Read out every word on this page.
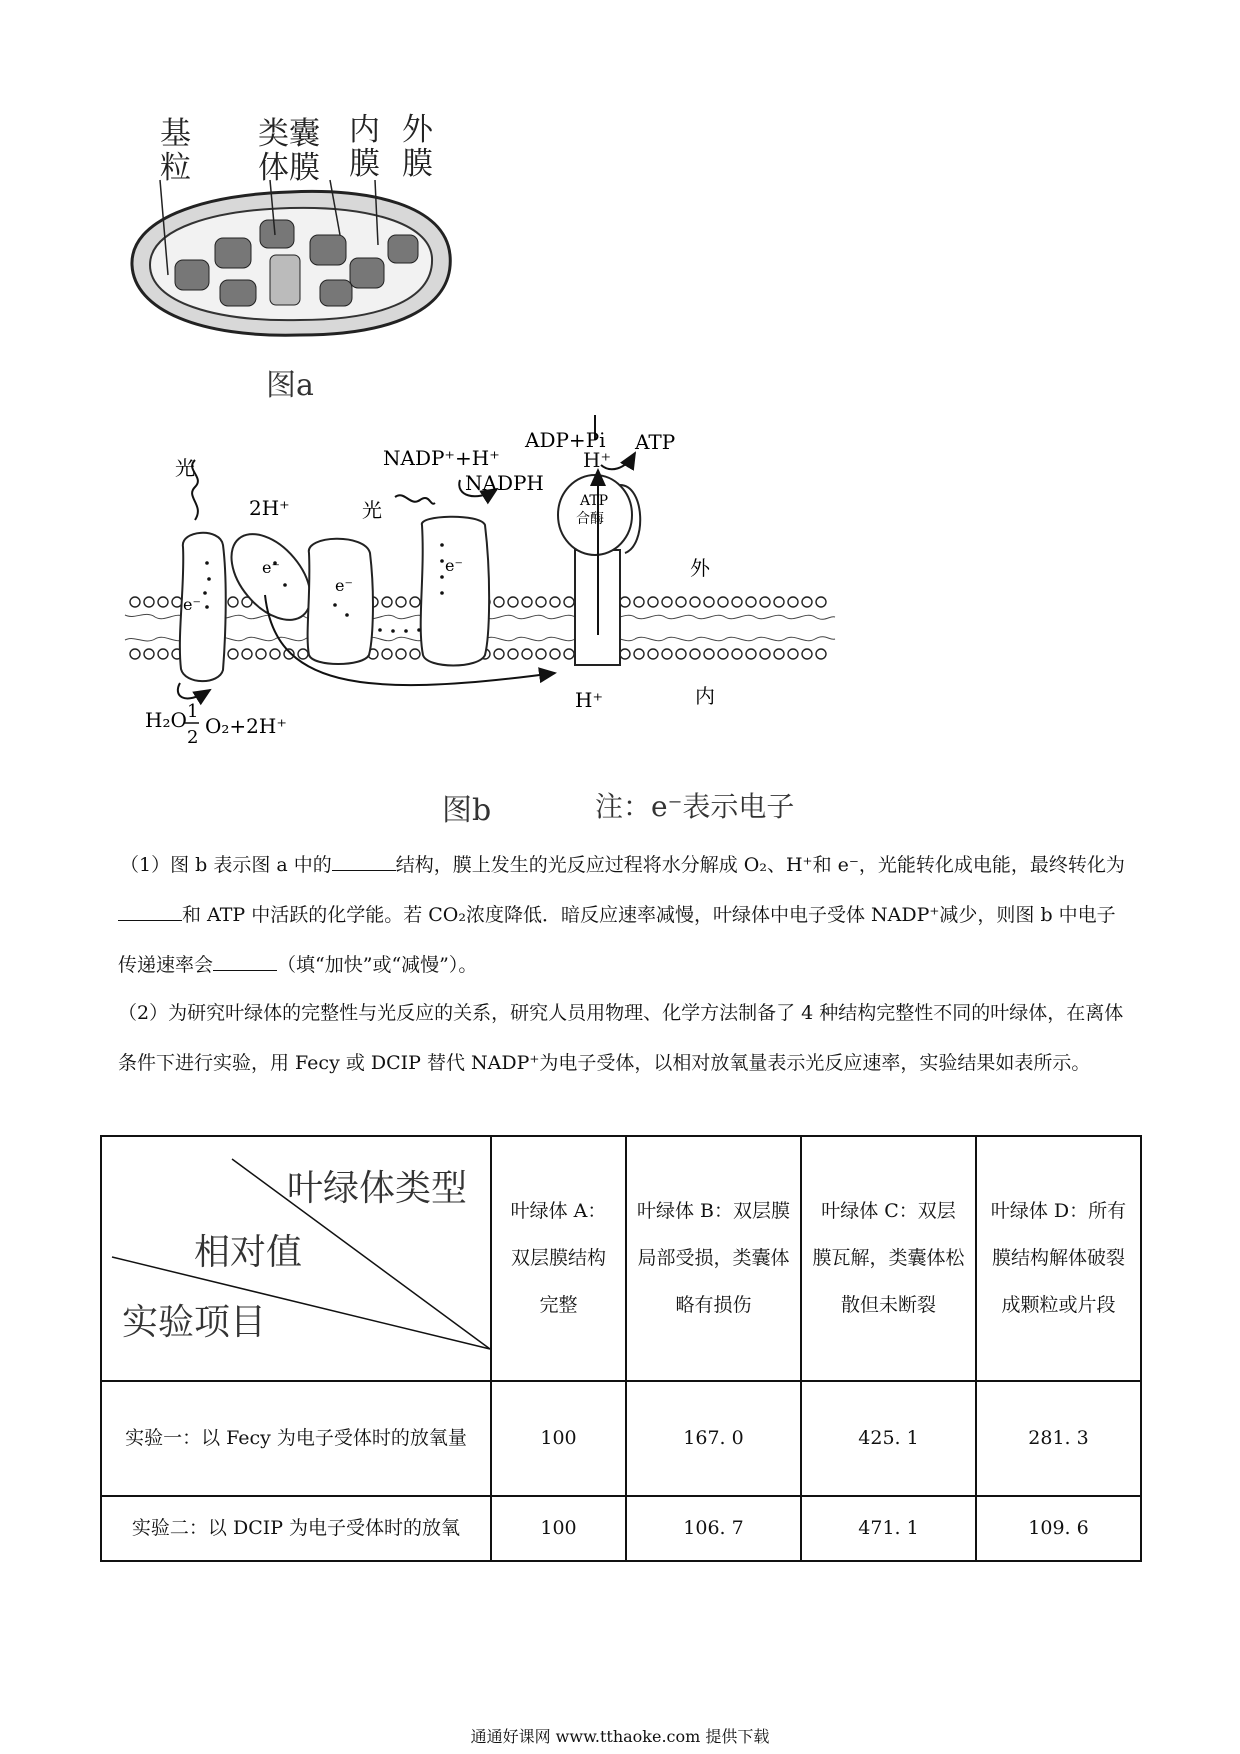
基
粒
类囊
体膜
内
膜
外
膜
图a
光
2H⁺	光
NADP⁺+H⁺
NADPH
ADP+Pi ATP
e⁻
e⁻
e⁻
e⁻
ATP
合酶
外
内
H⁺
H₂O 1
2 O₂+2H⁺
H⁺
图b	注：e⁻表示电子
（1）图 b 表示图 a 中的	结构，膜上发生的光反应过程将水分解成 O₂、H⁺和 e⁻，光能转化成电能，最终转化为和 ATP 中活跃的化学能。若 CO₂浓度降低．暗反应速率减慢，叶绿体中电子受体 NADP⁺减少，则图 b 中电子传递速率会	（填“加快”或“减慢”）。
（2）为研究叶绿体的完整性与光反应的关系，研究人员用物理、化学方法制备了 4 种结构完整性不同的叶绿体，在离体条件下进行实验，用 Fecy 或 DCIP 替代 NADP⁺为电子受体，以相对放氧量表示光反应速率，实验结果如表所示。
叶绿体类型
相对值
实验项目	叶绿体 A：双层膜结构完整	叶绿体 B：双层膜局部受损，类囊体略有损伤	叶绿体 C：双层膜瓦解，类囊体松散但未断裂	叶绿体 D：所有膜结构解体破裂成颗粒或片段
实验一：以 Fecy 为电子受体时的放氧量	100	167. 0	425. 1	281. 3
实验二：以 DCIP 为电子受体时的放氧	100	106. 7	471. 1	109. 6
通通好课网 www.tthaoke.com 提供下载
